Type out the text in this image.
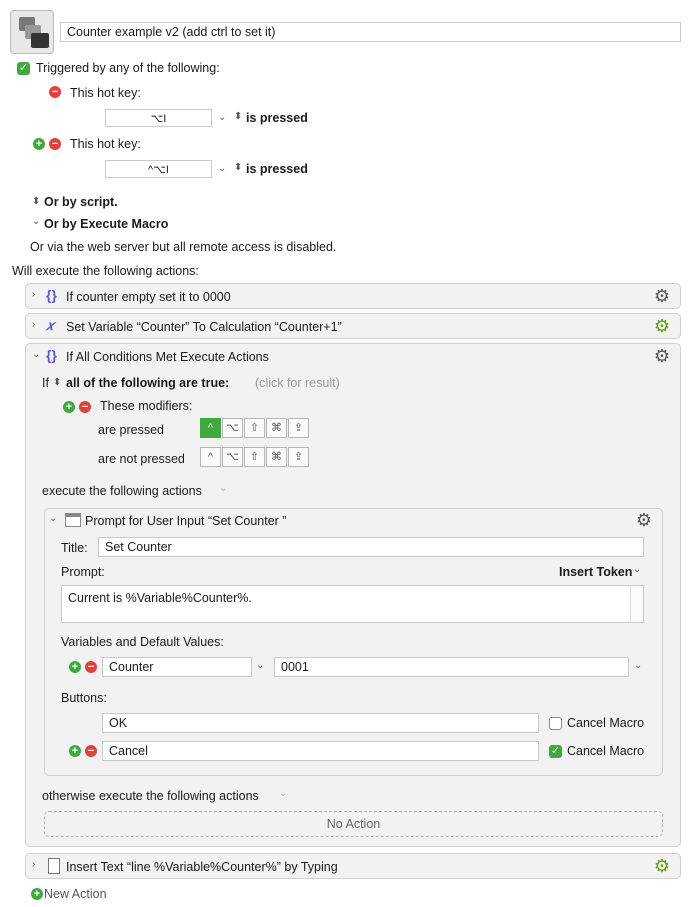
Counter example v2 (add ctrl to set it)
✓ Triggered by any of the following:
− This hot key:
⌥I	⌄ ⬍ is pressed
+ − This hot key:
^⌥I	⌄ ⬍ is pressed
⬍ Or by script.
⌄ Or by Execute Macro
Or via the web server but all remote access is disabled.
Will execute the following actions:
› {} If counter empty set it to 0000	⚙
› 𝑥 Set Variable “Counter” To Calculation “Counter+1”	⚙
⌄ {} If All Conditions Met Execute Actions	⚙
If ⬍ all of the following are true: (click for result)
+ − These modifiers:
are pressed	^	⌥	⇧	⌘	⇪
are not pressed	^	⌥	⇧	⌘	⇪
execute the following actions ⌄
⌄ Prompt for User Input “Set Counter ”	⚙
Title:	Set Counter
Prompt:	Insert Token ⌄
Current is %Variable%Counter%.
Variables and Default Values:
+ −	Counter	⌄	0001	⌄
Buttons:
OK	Cancel Macro
+ −	Cancel	✓ Cancel Macro
otherwise execute the following actions ⌄
No Action
› Insert Text “line %Variable%Counter%” by Typing	⚙
+ New Action
